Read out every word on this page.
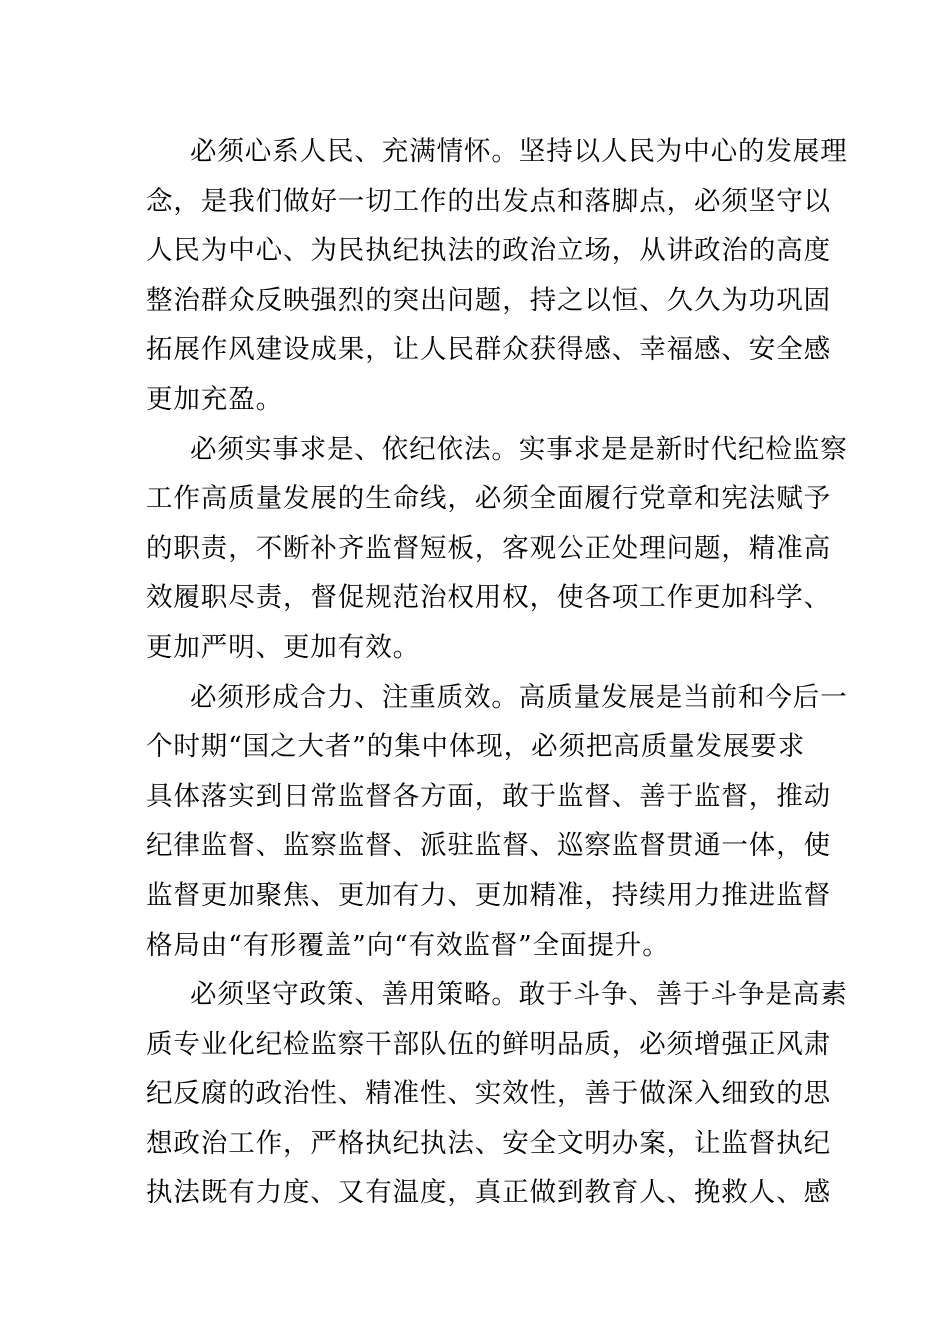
必须心系人民、充满情怀。坚持以人民为中心的发展理
念，是我们做好一切工作的出发点和落脚点，必须坚守以
人民为中心、为民执纪执法的政治立场，从讲政治的高度
整治群众反映强烈的突出问题，持之以恒、久久为功巩固
拓展作风建设成果，让人民群众获得感、幸福感、安全感
更加充盈。
必须实事求是、依纪依法。实事求是是新时代纪检监察
工作高质量发展的生命线，必须全面履行党章和宪法赋予
的职责，不断补齐监督短板，客观公正处理问题，精准高
效履职尽责，督促规范治权用权，使各项工作更加科学、
更加严明、更加有效。
必须形成合力、注重质效。高质量发展是当前和今后一
个时期“国之大者”的集中体现，必须把高质量发展要求
具体落实到日常监督各方面，敢于监督、善于监督，推动
纪律监督、监察监督、派驻监督、巡察监督贯通一体，使
监督更加聚焦、更加有力、更加精准，持续用力推进监督
格局由“有形覆盖”向“有效监督”全面提升。
必须坚守政策、善用策略。敢于斗争、善于斗争是高素
质专业化纪检监察干部队伍的鲜明品质，必须增强正风肃
纪反腐的政治性、精准性、实效性，善于做深入细致的思
想政治工作，严格执纪执法、安全文明办案，让监督执纪
执法既有力度、又有温度，真正做到教育人、挽救人、感
